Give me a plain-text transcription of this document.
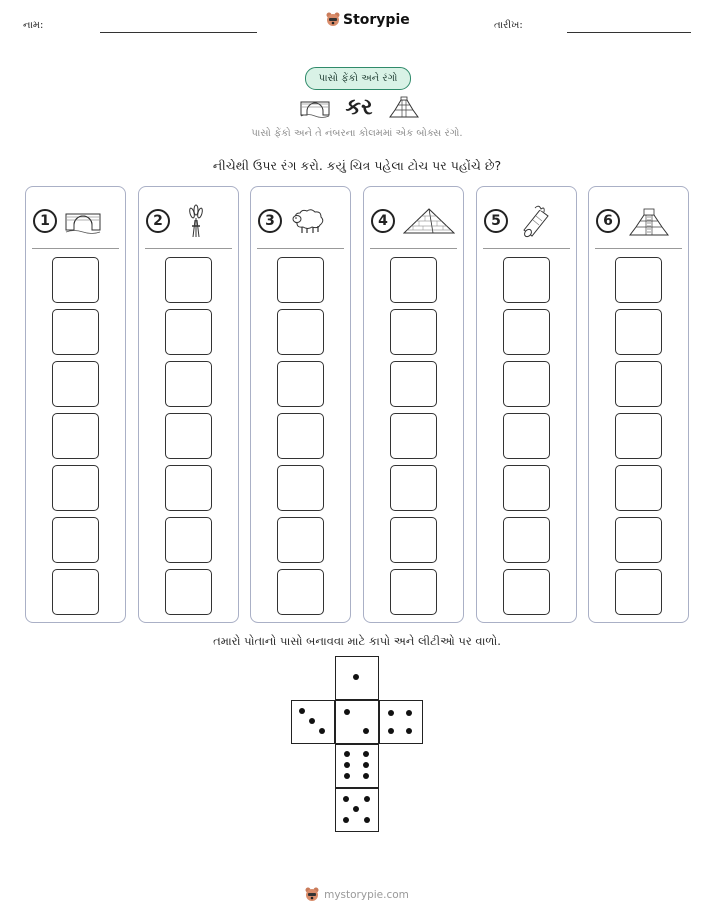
નામ:	Storypie	તારીખ:
પાસો ફેંકો અને રંગો
કર
પાસો ફેંકો અને તે નંબરના કોલમમાં એક બોક્સ રંગો.
નીચેથી ઉપર રંગ કરો. કયું ચિત્ર પહેલા ટોચ પર પહોંચે છે?
1	2	3	4	5	6
તમારો પોતાનો પાસો બનાવવા માટે કાપો અને લીટીઓ પર વાળો.
mystorypie.com
